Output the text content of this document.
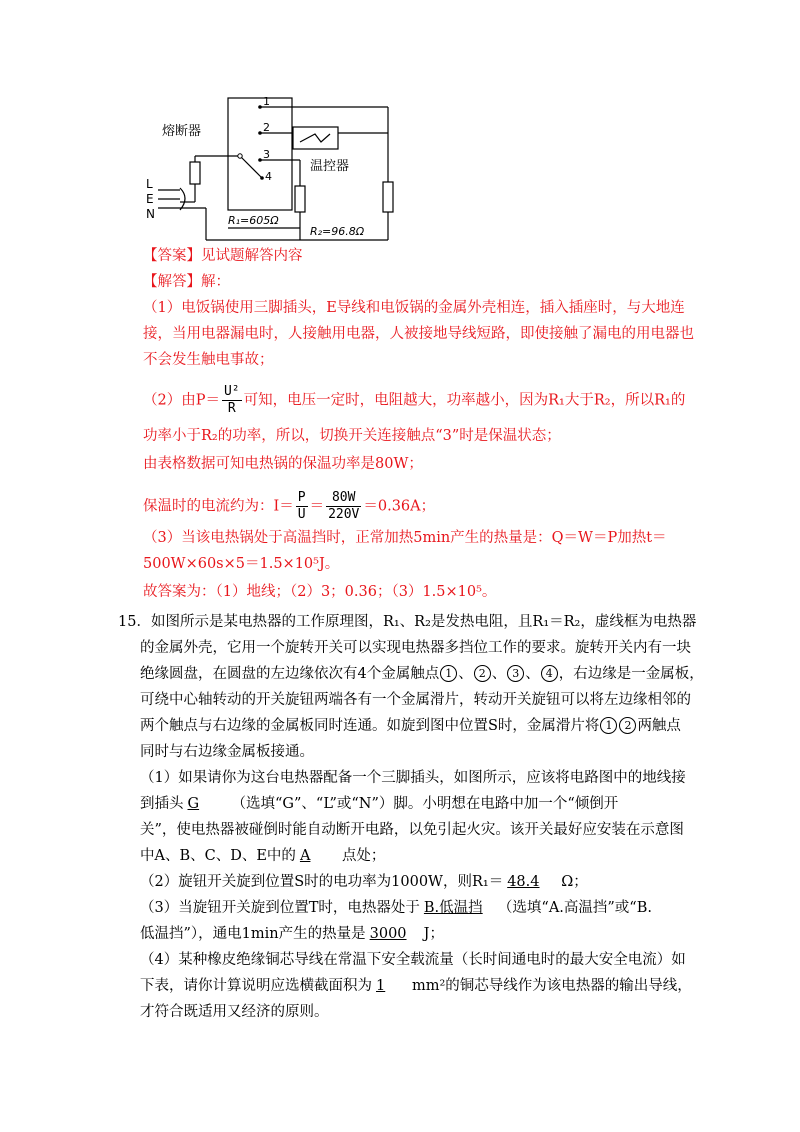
熔断器
温控器
L
E
N
1
2
3
4
R₁=605Ω
R₂=96.8Ω
【答案】见试题解答内容
【解答】解：
（1）电饭锅使用三脚插头，E导线和电饭锅的金属外壳相连，插入插座时，与大地连
接，当用电器漏电时，人接触用电器，人被接地导线短路，即使接触了漏电的用电器也
不会发生触电事故；
（2）由$P= \frac{\text{U²}}{R}$ 可知，电压一定时，电阻越大，功率越小，因为R₁大于R₂，所以R₁的
功率小于R₂的功率，所以，切换开关连接触点“3”时是保温状态；
由表格数据可知电热锅的保温功率是80W；
保温时的电流约为：$I= \frac{P}{U} = \frac{80W}{220V} =0.36A$；
（3）当该电热锅处于高温挡时，正常加热5min产生的热量是：Q＝W＝P加热t＝
500W×60s×5＝1.5×10⁵J。
故答案为：（1）地线；（2）3；0.36；（3）1.5×10⁵。
15．如图所示是某电热器的工作原理图，R₁、R₂是发热电阻，且R₁＝R₂，虚线框为电热器
的金属外壳，它用一个旋转开关可以实现电热器多挡位工作的要求。旋转开关内有一块
绝缘圆盘，在圆盘的左边缘依次有4个金属触点 1 、 2 、 3 、 4 ，右边缘是一金属板，
可绕中心轴转动的开关旋钮两端各有一个金属滑片，转动开关旋钮可以将左边缘相邻的
两个触点与右边缘的金属板同时连通。如旋到图中位置S时，金属滑片将 1 2 两触点
同时与右边缘金属板接通。
（1）如果请你为这台电热器配备一个三脚插头，如图所示，应该将电路图中的地线接
到插头 G （选填“G”、“L”或“N”）脚。小明想在电路中加一个“倾倒开
关”，使电热器被碰倒时能自动断开电路，以免引起火灾。该开关最好应安装在示意图
中A、B、C、D、E中的 A 点处；
（2）旋钮开关旋到位置S时的电功率为1000W，则R₁＝ 48.4 Ω；
（3）当旋钮开关旋到位置T时，电热器处于 B.低温挡 （选填“A.高温挡”或“B.
低温挡”），通电1min产生的热量是 3000 J；
（4）某种橡皮绝缘铜芯导线在常温下安全载流量（长时间通电时的最大安全电流）如
下表，请你计算说明应选横截面积为 1 mm²的铜芯导线作为该电热器的输出导线，
才符合既适用又经济的原则。
